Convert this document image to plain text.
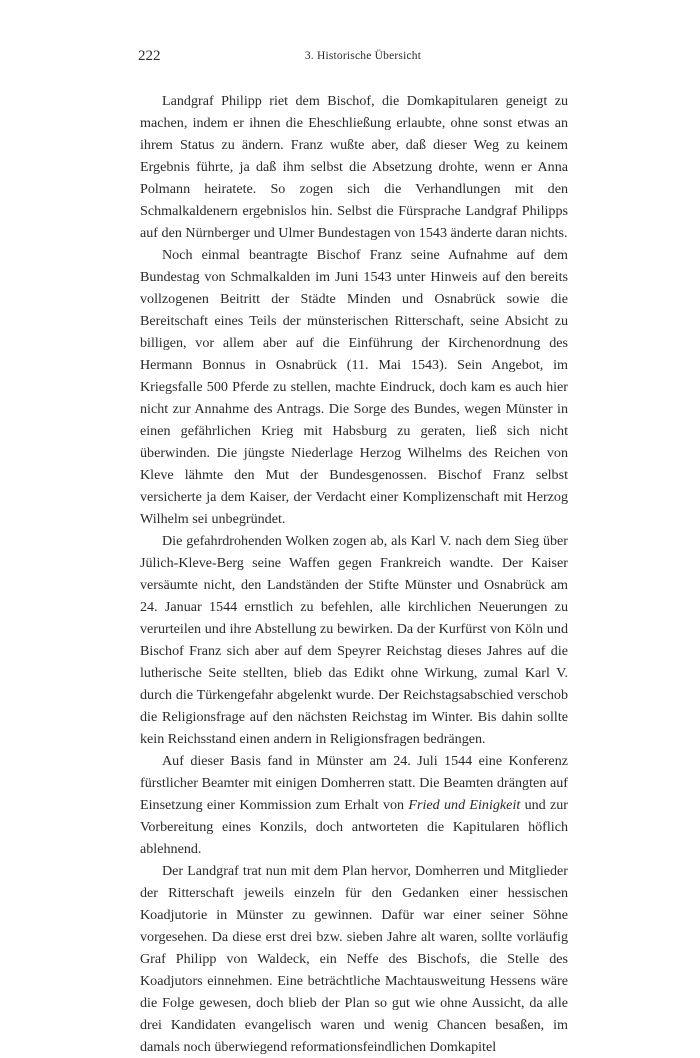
222	3. Historische Übersicht

Landgraf Philipp riet dem Bischof, die Domkapitularen geneigt zu machen, indem er ihnen die Eheschließung erlaubte, ohne sonst etwas an ihrem Status zu ändern. Franz wußte aber, daß dieser Weg zu keinem Ergebnis führte, ja daß ihm selbst die Absetzung drohte, wenn er Anna Polmann heiratete. So zogen sich die Verhandlungen mit den Schmalkaldenern ergebnislos hin. Selbst die Fürsprache Landgraf Philipps auf den Nürnberger und Ulmer Bundestagen von 1543 änderte daran nichts.

Noch einmal beantragte Bischof Franz seine Aufnahme auf dem Bundestag von Schmalkalden im Juni 1543 unter Hinweis auf den bereits vollzogenen Beitritt der Städte Minden und Osnabrück sowie die Bereitschaft eines Teils der münsterischen Ritterschaft, seine Absicht zu billigen, vor allem aber auf die Einführung der Kirchenordnung des Hermann Bonnus in Osnabrück (11. Mai 1543). Sein Angebot, im Kriegsfalle 500 Pferde zu stellen, machte Eindruck, doch kam es auch hier nicht zur Annahme des Antrags. Die Sorge des Bundes, wegen Münster in einen gefährlichen Krieg mit Habsburg zu geraten, ließ sich nicht überwinden. Die jüngste Niederlage Herzog Wilhelms des Reichen von Kleve lähmte den Mut der Bundesgenossen. Bischof Franz selbst versicherte ja dem Kaiser, der Verdacht einer Komplizenschaft mit Herzog Wilhelm sei unbegründet.

Die gefahrdrohenden Wolken zogen ab, als Karl V. nach dem Sieg über Jülich-Kleve-Berg seine Waffen gegen Frankreich wandte. Der Kaiser versäumte nicht, den Landständen der Stifte Münster und Osnabrück am 24. Januar 1544 ernstlich zu befehlen, alle kirchlichen Neuerungen zu verurteilen und ihre Abstellung zu bewirken. Da der Kurfürst von Köln und Bischof Franz sich aber auf dem Speyrer Reichstag dieses Jahres auf die lutherische Seite stellten, blieb das Edikt ohne Wirkung, zumal Karl V. durch die Türkengefahr abgelenkt wurde. Der Reichstagsabschied verschob die Religionsfrage auf den nächsten Reichstag im Winter. Bis dahin sollte kein Reichsstand einen andern in Religionsfragen bedrängen.

Auf dieser Basis fand in Münster am 24. Juli 1544 eine Konferenz fürstlicher Beamter mit einigen Domherren statt. Die Beamten drängten auf Einsetzung einer Kommission zum Erhalt von Fried und Einigkeit und zur Vorbereitung eines Konzils, doch antworteten die Kapitularen höflich ablehnend.

Der Landgraf trat nun mit dem Plan hervor, Domherren und Mitglieder der Ritterschaft jeweils einzeln für den Gedanken einer hessischen Koadjutorie in Münster zu gewinnen. Dafür war einer seiner Söhne vorgesehen. Da diese erst drei bzw. sieben Jahre alt waren, sollte vorläufig Graf Philipp von Waldeck, ein Neffe des Bischofs, die Stelle des Koadjutors einnehmen. Eine beträchtliche Machtausweitung Hessens wäre die Folge gewesen, doch blieb der Plan so gut wie ohne Aussicht, da alle drei Kandidaten evangelisch waren und wenig Chancen besaßen, im damals noch überwiegend reformationsfeindlichen Domkapitel
